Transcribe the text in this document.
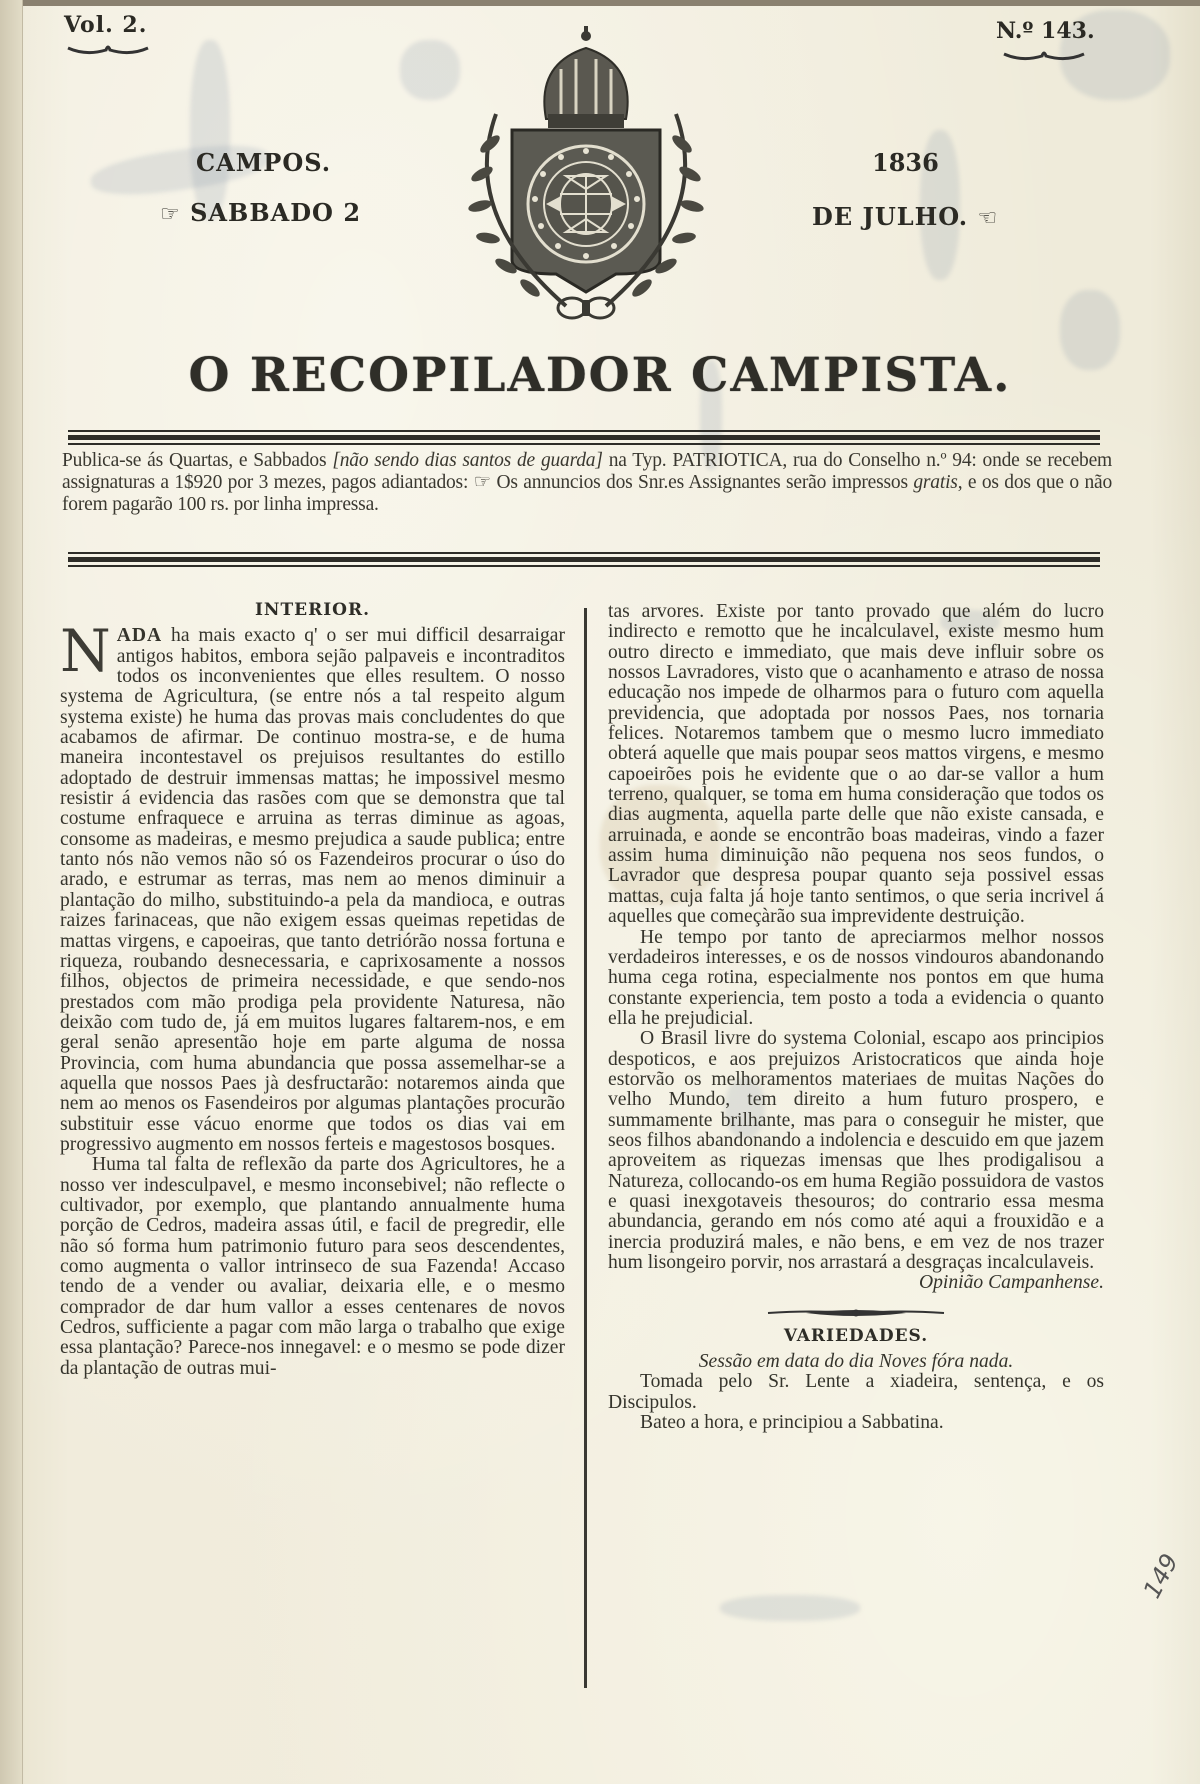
Vol. 2.	N.º 143.
CAMPOS.
☞ SABBADO 2
1836
DE JULHO. ☜
O RECOPILADOR CAMPISTA.
Publica-se ás Quartas, e Sabbados [não sendo dias santos de guarda] na Typ. PATRIOTICA, rua do Conselho n.º 94: onde se recebem assignaturas a 1$920 por 3 mezes, pagos adiantados: ☞ Os annuncios dos Snr.es Assignantes serão impressos gratis, e os dos que o não forem pagarão 100 rs. por linha impressa.
INTERIOR.

NADA ha mais exacto q' o ser mui difficil desarraigar antigos habitos, embora sejão palpaveis e incontraditos todos os inconvenientes que elles resultem. O nosso systema de Agricultura, (se entre nós a tal respeito algum systema existe) he huma das provas mais concludentes do que acabamos de afirmar. De continuo mostra-se, e de huma maneira incontestavel os prejuisos resultantes do estillo adoptado de destruir immensas mattas; he impossivel mesmo resistir á evidencia das rasões com que se demonstra que tal costume enfraquece e arruina as terras diminue as agoas, consome as madeiras, e mesmo prejudica a saude publica; entre tanto nós não vemos não só os Fazendeiros procurar o úso do arado, e estrumar as terras, mas nem ao menos diminuir a plantação do milho, substituindo-a pela da mandioca, e outras raizes farinaceas, que não exigem essas queimas repetidas de mattas virgens, e capoeiras, que tanto detriórão nossa fortuna e riqueza, roubando desnecessaria, e caprixosamente a nossos filhos, objectos de primeira necessidade, e que sendo-nos prestados com mão prodiga pela providente Naturesa, não deixão com tudo de, já em muitos lugares faltarem-nos, e em geral senão apresentão hoje em parte alguma de nossa Provincia, com huma abundancia que possa assemelhar-se a aquella que nossos Paes jà desfructarão: notaremos ainda que nem ao menos os Fasendeiros por algumas plantações procurão substituir esse vácuo enorme que todos os dias vai em progressivo augmento em nossos ferteis e magestosos bosques.

Huma tal falta de reflexão da parte dos Agricultores, he a nosso ver indesculpavel, e mesmo inconsebivel; não reflecte o cultivador, por exemplo, que plantando annualmente huma porção de Cedros, madeira assas útil, e facil de pregredir, elle não só forma hum patrimonio futuro para seos descendentes, como augmenta o vallor intrinseco de sua Fazenda! Accaso tendo de a vender ou avaliar, deixaria elle, e o mesmo comprador de dar hum vallor a esses centenares de novos Cedros, sufficiente a pagar com mão larga o trabalho que exige essa plantação? Parece-nos innegavel: e o mesmo se pode dizer da plantação de outras mui-

tas arvores. Existe por tanto provado que além do lucro indirecto e remotto que he incalculavel, existe mesmo hum outro directo e immediato, que mais deve influir sobre os nossos Lavradores, visto que o acanhamento e atraso de nossa educação nos impede de olharmos para o futuro com aquella previdencia, que adoptada por nossos Paes, nos tornaria felices. Notaremos tambem que o mesmo lucro immediato obterá aquelle que mais poupar seos mattos virgens, e mesmo capoeirões pois he evidente que o ao dar-se vallor a hum terreno, qualquer, se toma em huma consideração que todos os dias augmenta, aquella parte delle que não existe cansada, e arruinada, e aonde se encontrão boas madeiras, vindo a fazer assim huma diminuição não pequena nos seos fundos, o Lavrador que despresa poupar quanto seja possivel essas mattas, cuja falta já hoje tanto sentimos, o que seria incrivel á aquelles que começàrão sua imprevidente destruição.

He tempo por tanto de apreciarmos melhor nossos verdadeiros interesses, e os de nossos vindouros abandonando huma cega rotina, especialmente nos pontos em que huma constante experiencia, tem posto a toda a evidencia o quanto ella he prejudicial.

O Brasil livre do systema Colonial, escapo aos principios despoticos, e aos prejuizos Aristocraticos que ainda hoje estorvão os melhoramentos materiaes de muitas Nações do velho Mundo, tem direito a hum futuro prospero, e summamente brilhante, mas para o conseguir he mister, que seos filhos abandonando a indolencia e descuido em que jazem aproveitem as riquezas imensas que lhes prodigalisou a Natureza, collocando-os em huma Região possuidora de vastos e quasi inexgotaveis thesouros; do contrario essa mesma abundancia, gerando em nós como até aqui a frouxidão e a inercia produzirá males, e não bens, e em vez de nos trazer hum lisongeiro porvir, nos arrastará a desgraças incalculaveis.
Opinião Campanhense.

VARIEDADES.

Sessão em data do dia Noves fóra nada.

Tomada pelo Sr. Lente a xiadeira, sentença, e os Discipulos.

Bateo a hora, e principiou a Sabbatina.

149
